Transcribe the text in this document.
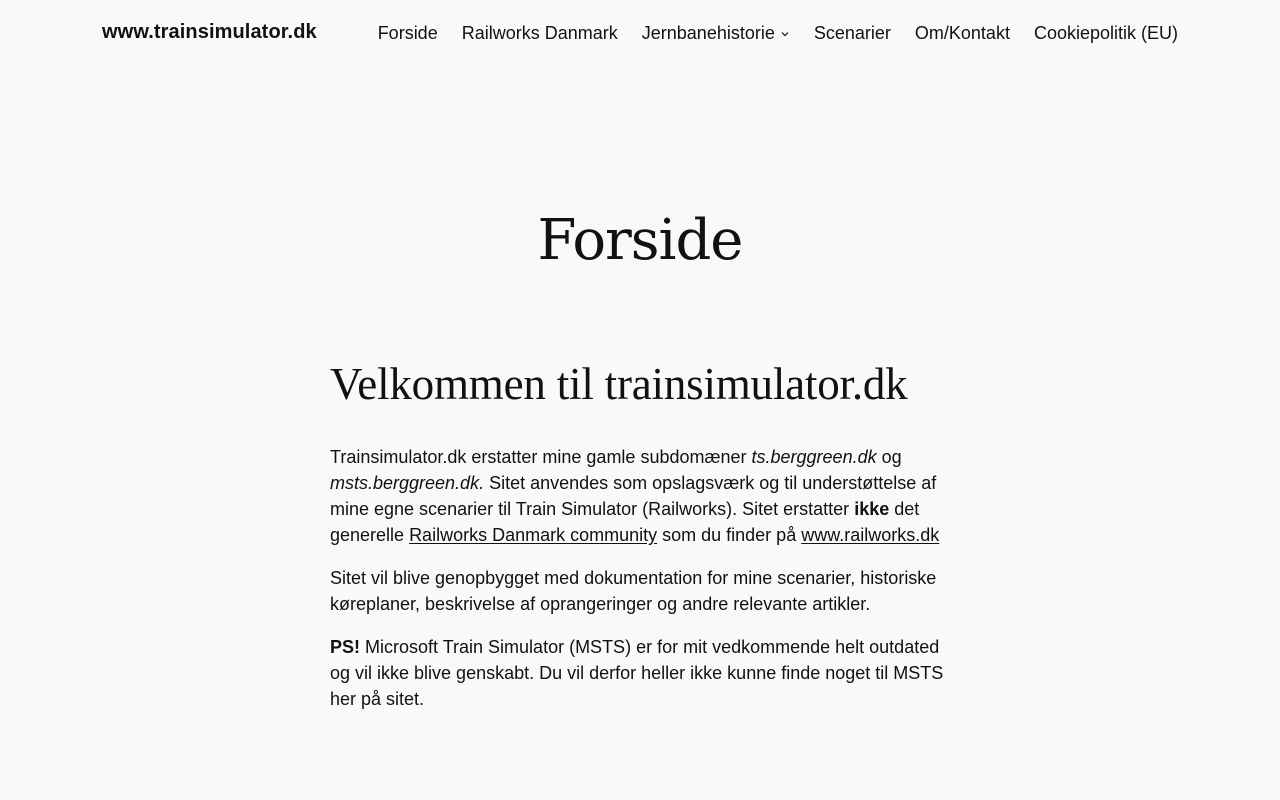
www.trainsimulator.dk	Forside Railworks Danmark Jernbanehistorie Scenarier Om/Kontakt Cookiepolitik (EU)
Forside
Velkommen til trainsimulator.dk

Trainsimulator.dk erstatter mine gamle subdomæner ts.berggreen.dk og msts.berggreen.dk. Sitet anvendes som opslagsværk og til understøttelse af mine egne scenarier til Train Simulator (Railworks). Sitet erstatter ikke det generelle Railworks Danmark community som du finder på www.railworks.dk

Sitet vil blive genopbygget med dokumentation for mine scenarier, historiske køreplaner, beskrivelse af oprangeringer og andre relevante artikler.

PS! Microsoft Train Simulator (MSTS) er for mit vedkommende helt outdated og vil ikke blive genskabt. Du vil derfor heller ikke kunne finde noget til MSTS her på sitet.
